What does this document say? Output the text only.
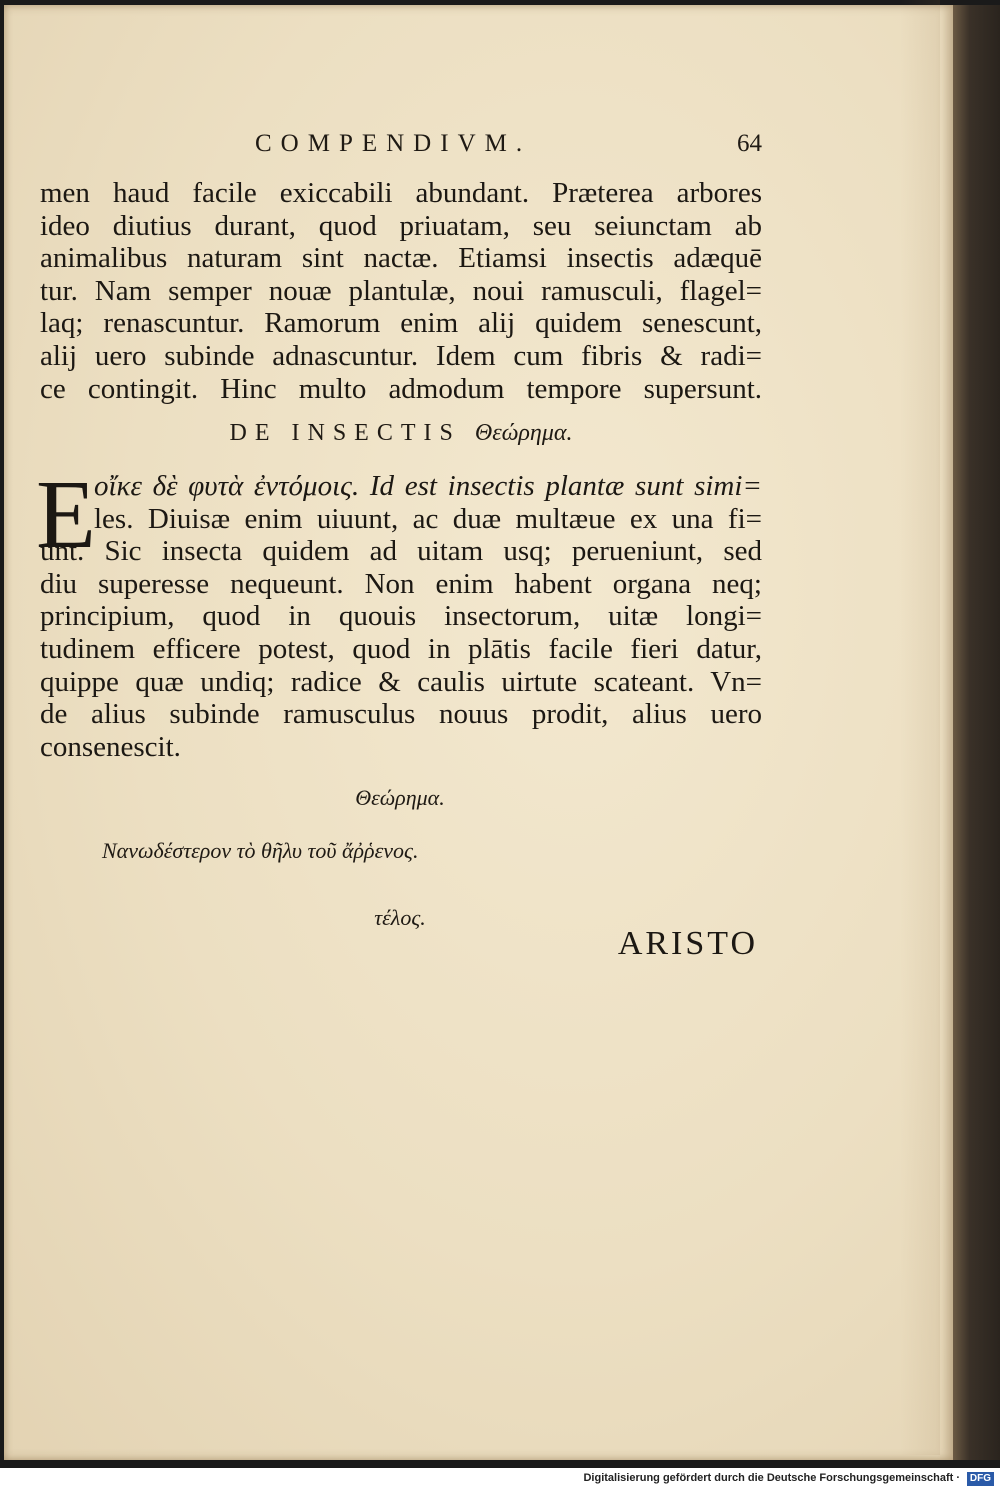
COMPENDIVM.	64
men haud facile exiccabili abundant. Præterea arbores
ideo diutius durant, quod priuatam, seu seiunctam ab
animalibus naturam sint nactæ. Etiamsi insectis adæquē
tur. Nam semper nouæ plantulæ, noui ramusculi, flagel=
laq; renascuntur. Ramorum enim alij quidem senescunt,
alij uero subinde adnascuntur. Idem cum fibris & radi=
ce contingit. Hinc multo admodum tempore supersunt.
DE INSECTIS Θεώρημα.
E
οἴκε δὲ φυτὰ ἐντόμοις. Id est insectis plantæ sunt simi=
les. Diuisæ enim uiuunt, ac duæ multæue ex una fi=
unt. Sic insecta quidem ad uitam usq; perueniunt, sed
diu superesse nequeunt. Non enim habent organa neq;
principium, quod in quouis insectorum, uitæ longi=
tudinem efficere potest, quod in plātis facile fieri datur,
quippe quæ undiq; radice & caulis uirtute scateant. Vn=
de alius subinde ramusculus nouus prodit, alius uero
consenescit.
Θεώρημα.
Νανωδέστερον τὸ θῆλυ τοῦ ἄῤῥενος.
τέλος.
ARISTO
Digitalisierung gefördert durch die Deutsche Forschungsgemeinschaft · DFG
